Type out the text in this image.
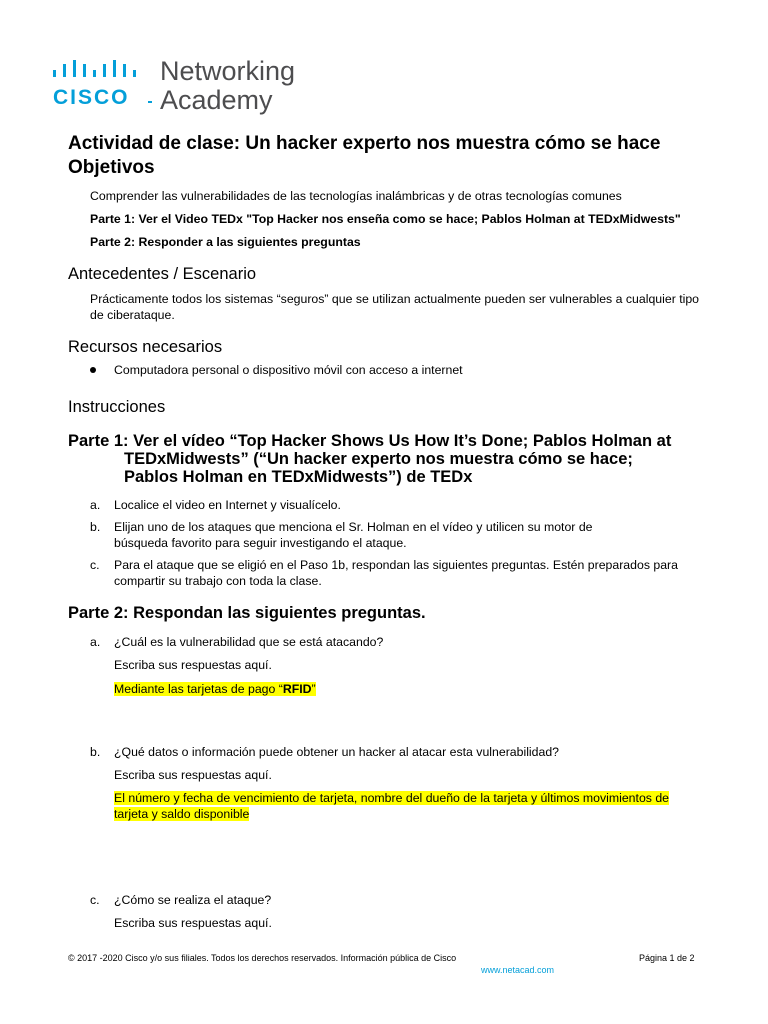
CISCO
Networking
Academy
Actividad de clase: Un hacker experto nos muestra cómo se hace
Objetivos

Comprender las vulnerabilidades de las tecnologías inalámbricas y de otras tecnologías comunes

Parte 1: Ver el Video TEDx "Top Hacker nos enseña como se hace; Pablos Holman at TEDxMidwests"

Parte 2: Responder a las siguientes preguntas

Antecedentes / Escenario

Prácticamente todos los sistemas “seguros” que se utilizan actualmente pueden ser vulnerables a cualquier tipo de ciberataque.

Recursos necesarios

Computadora personal o dispositivo móvil con acceso a internet

Instrucciones
Parte 1: Ver el vídeo “Top Hacker Shows Us How It’s Done; Pablos Holman at
TEDxMidwests” (“Un hacker experto nos muestra cómo se hace;
Pablos Holman en TEDxMidwests”) de TEDx
a. Localice el video en Internet y visualícelo.

b. Elijan uno de los ataques que menciona el Sr. Holman en el vídeo y utilicen su motor de búsqueda favorito para seguir investigando el ataque.

c. Para el ataque que se eligió en el Paso 1b, respondan las siguientes preguntas. Estén preparados para compartir su trabajo con toda la clase.

Parte 2: Respondan las siguientes preguntas.
a. ¿Cuál es la vulnerabilidad que se está atacando?

Escriba sus respuestas aquí.

Mediante las tarjetas de pago “RFID”

b. ¿Qué datos o información puede obtener un hacker al atacar esta vulnerabilidad?

Escriba sus respuestas aquí.

El número y fecha de vencimiento de tarjeta, nombre del dueño de la tarjeta y últimos movimientos de tarjeta y saldo disponible

c. ¿Cómo se realiza el ataque?

Escriba sus respuestas aquí.

© 2017 -2020 Cisco y/o sus filiales. Todos los derechos reservados. Información pública de Cisco	Página 1 de 2
www.netacad.com
